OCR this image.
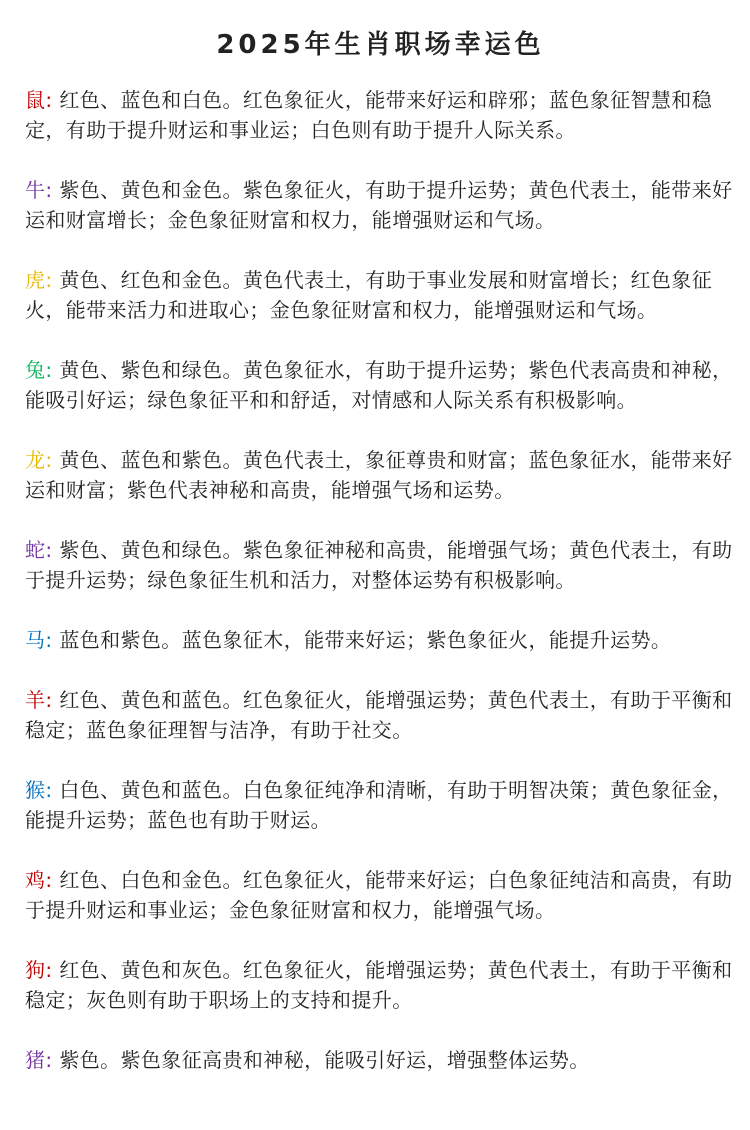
2025年生肖职场幸运色

鼠: 红色、蓝色和白色。红色象征火，能带来好运和辟邪；蓝色象征智慧和稳定，有助于提升财运和事业运；白色则有助于提升人际关系。

牛: 紫色、黄色和金色。紫色象征火，有助于提升运势；黄色代表土，能带来好运和财富增长；金色象征财富和权力，能增强财运和气场。

虎: 黄色、红色和金色。黄色代表土，有助于事业发展和财富增长；红色象征火，能带来活力和进取心；金色象征财富和权力，能增强财运和气场。

兔: 黄色、紫色和绿色。黄色象征水，有助于提升运势；紫色代表高贵和神秘，能吸引好运；绿色象征平和和舒适，对情感和人际关系有积极影响。

龙: 黄色、蓝色和紫色。黄色代表土，象征尊贵和财富；蓝色象征水，能带来好运和财富；紫色代表神秘和高贵，能增强气场和运势。

蛇: 紫色、黄色和绿色。紫色象征神秘和高贵，能增强气场；黄色代表土，有助于提升运势；绿色象征生机和活力，对整体运势有积极影响。

马: 蓝色和紫色。蓝色象征木，能带来好运；紫色象征火，能提升运势。

羊: 红色、黄色和蓝色。红色象征火，能增强运势；黄色代表土，有助于平衡和稳定；蓝色象征理智与洁净，有助于社交。

猴: 白色、黄色和蓝色。白色象征纯净和清晰，有助于明智决策；黄色象征金，能提升运势；蓝色也有助于财运。

鸡: 红色、白色和金色。红色象征火，能带来好运；白色象征纯洁和高贵，有助于提升财运和事业运；金色象征财富和权力，能增强气场。

狗: 红色、黄色和灰色。红色象征火，能增强运势；黄色代表土，有助于平衡和稳定；灰色则有助于职场上的支持和提升。

猪: 紫色。紫色象征高贵和神秘，能吸引好运，增强整体运势。
